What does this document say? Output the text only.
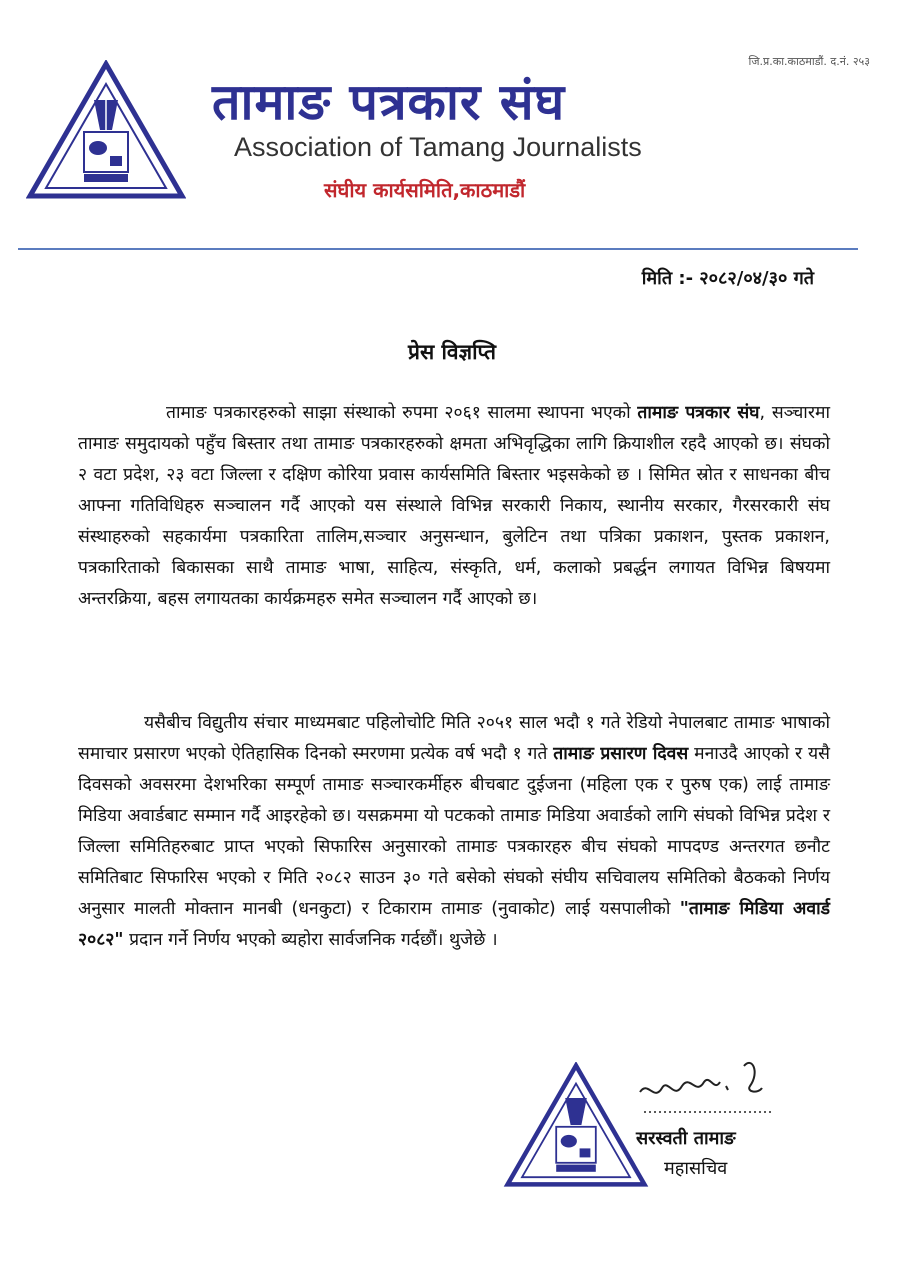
जि.प्र.का.काठमाडौं. द.नं. २५३
तामाङ पत्रकार संघ
Association of Tamang Journalists
संघीय कार्यसमिति,काठमाडौं
मिति :- २०८२/०४/३० गते
प्रेस विज्ञप्ति
तामाङ पत्रकारहरुको साझा संस्थाको रुपमा २०६१ सालमा स्थापना भएको तामाङ पत्रकार संघ, सञ्चारमा तामाङ समुदायको पहुँच बिस्तार तथा तामाङ पत्रकारहरुको क्षमता अभिवृद्धिका लागि क्रियाशील रहदै आएको छ। संघको २ वटा प्रदेश, २३ वटा जिल्ला र दक्षिण कोरिया प्रवास कार्यसमिति बिस्तार भइसकेको छ । सिमित स्रोत र साधनका बीच आफ्ना गतिविधिहरु सञ्चालन गर्दै आएको यस संस्थाले विभिन्न सरकारी निकाय, स्थानीय सरकार, गैरसरकारी संघ संस्थाहरुको सहकार्यमा पत्रकारिता तालिम,सञ्चार अनुसन्धान, बुलेटिन तथा पत्रिका प्रकाशन, पुस्तक प्रकाशन, पत्रकारिताको बिकासका साथै तामाङ भाषा, साहित्य, संस्कृति, धर्म, कलाको प्रबर्द्धन लगायत विभिन्न बिषयमा अन्तरक्रिया, बहस लगायतका कार्यक्रमहरु समेत सञ्चालन गर्दै आएको छ।
यसैबीच विद्युतीय संचार माध्यमबाट पहिलोचोटि मिति २०५१ साल भदौ १ गते रेडियो नेपालबाट तामाङ भाषाको समाचार प्रसारण भएको ऐतिहासिक दिनको स्मरणमा प्रत्येक वर्ष भदौ १ गते तामाङ प्रसारण दिवस मनाउदै आएको र यसै दिवसको अवसरमा देशभरिका सम्पूर्ण तामाङ सञ्चारकर्मीहरु बीचबाट दुईजना (महिला एक र पुरुष एक) लाई तामाङ मिडिया अवार्डबाट सम्मान गर्दै आइरहेको छ। यसक्रममा यो पटकको तामाङ मिडिया अवार्डको लागि संघको विभिन्न प्रदेश र जिल्ला समितिहरुबाट प्राप्त भएको सिफारिस अनुसारको तामाङ पत्रकारहरु बीच संघको मापदण्ड अन्तरगत छनौट समितिबाट सिफारिस भएको र मिति २०८२ साउन ३० गते बसेको संघको संघीय सचिवालय समितिको बैठकको निर्णय अनुसार मालती मोक्तान मानबी (धनकुटा) र टिकाराम तामाङ (नुवाकोट) लाई यसपालीको "तामाङ मिडिया अवार्ड २०८२" प्रदान गर्ने निर्णय भएको ब्यहोरा सार्वजनिक गर्दछौं। थुजेछे ।
सरस्वती तामाङ
महासचिव
